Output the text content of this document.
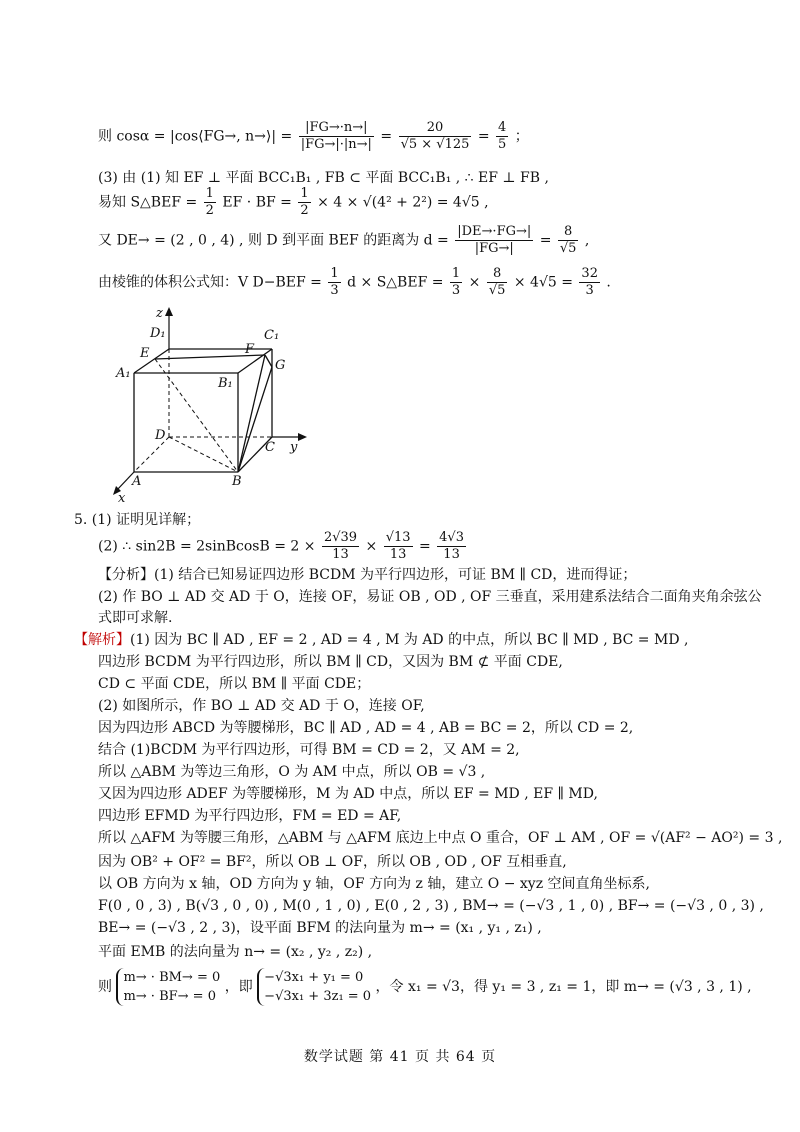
则 cosα = |cos⟨FG→, n→⟩| = $\frac{|FG\to\cdot n\to|}{|FG\to|\cdot|n\to|} = \frac{20}{√5 \times √125} = \frac{4}{5}$ ；
(3) 由 (1) 知 EF ⊥ 平面 BCC₁B₁ , FB ⊂ 平面 BCC₁B₁ , ∴ EF ⊥ FB ,
易知 S△BEF = $\frac{1}{2}$ EF · BF = $\frac{1}{2} \times 4 \times √(4^2 + 2^2) = 4√5$ ,
又 DE→ = (2 , 0 , 4) , 则 D 到平面 BEF 的距离为 $d = \frac{|DE\to\cdot FG\to|}{|FG\to|} = \frac{8}{√5}$ ,
由棱锥的体积公式知：V $D-BEF = \frac{1}{3}$ d × S△BEF = $\frac{1}{3} \times \frac{8}{√5} \times 4√5 = \frac{32}{3}$ .
z
y
x
D₁	C₁
E	F
G
A₁
B₁
D
C
A	B
5. (1) 证明见详解；
(2) ∴ sin2B = 2sinBcosB = $2 \times \frac{2√39}{13} \times \frac{√13}{13} = \frac{4√3}{13}$
【分析】(1) 结合已知易证四边形 BCDM 为平行四边形，可证 BM ∥ CD，进而得证；
(2) 作 BO ⊥ AD 交 AD 于 O，连接 OF，易证 OB , OD , OF 三垂直，采用建系法结合二面角夹角余弦公
式即可求解.
【解析】(1) 因为 BC ∥ AD , EF = 2 , AD = 4 , M 为 AD 的中点，所以 BC ∥ MD , BC = MD ,
四边形 BCDM 为平行四边形，所以 BM ∥ CD，又因为 BM ⊄ 平面 CDE,
CD ⊂ 平面 CDE，所以 BM ∥ 平面 CDE；
(2) 如图所示，作 BO ⊥ AD 交 AD 于 O，连接 OF,
因为四边形 ABCD 为等腰梯形，BC ∥ AD , AD = 4 , AB = BC = 2，所以 CD = 2,
结合 (1)BCDM 为平行四边形，可得 BM = CD = 2，又 AM = 2,
所以 △ABM 为等边三角形，O 为 AM 中点，所以 OB = √3 ,
又因为四边形 ADEF 为等腰梯形，M 为 AD 中点，所以 EF = MD , EF ∥ MD,
四边形 EFMD 为平行四边形，FM = ED = AF,
所以 △AFM 为等腰三角形，△ABM 与 △AFM 底边上中点 O 重合，OF ⊥ AM , OF = √(AF² − AO²) = 3 ,
因为 OB² + OF² = BF²，所以 OB ⊥ OF，所以 OB , OD , OF 互相垂直,
以 OB 方向为 x 轴，OD 方向为 y 轴，OF 方向为 z 轴，建立 O − xyz 空间直角坐标系,
F(0 , 0 , 3) , B(√3 , 0 , 0) , M(0 , 1 , 0) , E(0 , 2 , 3) , BM→ = (−√3 , 1 , 0) , BF→ = (−√3 , 0 , 3) ,
BE→ = (−√3 , 2 , 3)，设平面 BFM 的法向量为 m→ = (x₁ , y₁ , z₁) ,
平面 EMB 的法向量为 n→ = (x₂ , y₂ , z₂) ,
则
m→ · BM→ = 0
m→ · BF→ = 0
，即
−√3x₁ + y₁ = 0
−√3x₁ + 3z₁ = 0
，令 x₁ = √3，得 y₁ = 3 , z₁ = 1，即 m→ = (√3 , 3 , 1) ,
数学试题 第 41 页 共 64 页
